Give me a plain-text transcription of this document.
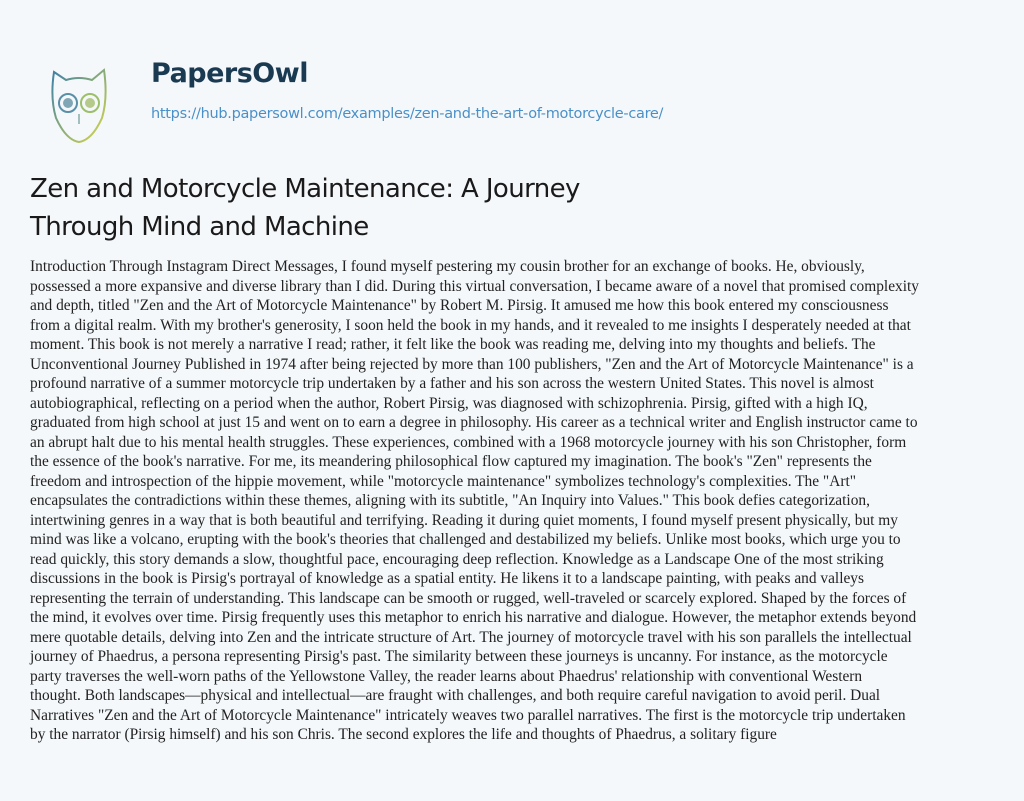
PapersOwl
https://hub.papersowl.com/examples/zen-and-the-art-of-motorcycle-care/
Zen and Motorcycle Maintenance: A Journey
Through Mind and Machine
Introduction Through Instagram Direct Messages, I found myself pestering my cousin brother for an exchange of books. He, obviously,
possessed a more expansive and diverse library than I did. During this virtual conversation, I became aware of a novel that promised complexity
and depth, titled "Zen and the Art of Motorcycle Maintenance" by Robert M. Pirsig. It amused me how this book entered my consciousness
from a digital realm. With my brother's generosity, I soon held the book in my hands, and it revealed to me insights I desperately needed at that
moment. This book is not merely a narrative I read; rather, it felt like the book was reading me, delving into my thoughts and beliefs. The
Unconventional Journey Published in 1974 after being rejected by more than 100 publishers, "Zen and the Art of Motorcycle Maintenance" is a
profound narrative of a summer motorcycle trip undertaken by a father and his son across the western United States. This novel is almost
autobiographical, reflecting on a period when the author, Robert Pirsig, was diagnosed with schizophrenia. Pirsig, gifted with a high IQ,
graduated from high school at just 15 and went on to earn a degree in philosophy. His career as a technical writer and English instructor came to
an abrupt halt due to his mental health struggles. These experiences, combined with a 1968 motorcycle journey with his son Christopher, form
the essence of the book's narrative. For me, its meandering philosophical flow captured my imagination. The book's "Zen" represents the
freedom and introspection of the hippie movement, while "motorcycle maintenance" symbolizes technology's complexities. The "Art"
encapsulates the contradictions within these themes, aligning with its subtitle, "An Inquiry into Values." This book defies categorization,
intertwining genres in a way that is both beautiful and terrifying. Reading it during quiet moments, I found myself present physically, but my
mind was like a volcano, erupting with the book's theories that challenged and destabilized my beliefs. Unlike most books, which urge you to
read quickly, this story demands a slow, thoughtful pace, encouraging deep reflection. Knowledge as a Landscape One of the most striking
discussions in the book is Pirsig's portrayal of knowledge as a spatial entity. He likens it to a landscape painting, with peaks and valleys
representing the terrain of understanding. This landscape can be smooth or rugged, well-traveled or scarcely explored. Shaped by the forces of
the mind, it evolves over time. Pirsig frequently uses this metaphor to enrich his narrative and dialogue. However, the metaphor extends beyond
mere quotable details, delving into Zen and the intricate structure of Art. The journey of motorcycle travel with his son parallels the intellectual
journey of Phaedrus, a persona representing Pirsig's past. The similarity between these journeys is uncanny. For instance, as the motorcycle
party traverses the well-worn paths of the Yellowstone Valley, the reader learns about Phaedrus' relationship with conventional Western
thought. Both landscapes—physical and intellectual—are fraught with challenges, and both require careful navigation to avoid peril. Dual
Narratives "Zen and the Art of Motorcycle Maintenance" intricately weaves two parallel narratives. The first is the motorcycle trip undertaken
by the narrator (Pirsig himself) and his son Chris. The second explores the life and thoughts of Phaedrus, a solitary figure
